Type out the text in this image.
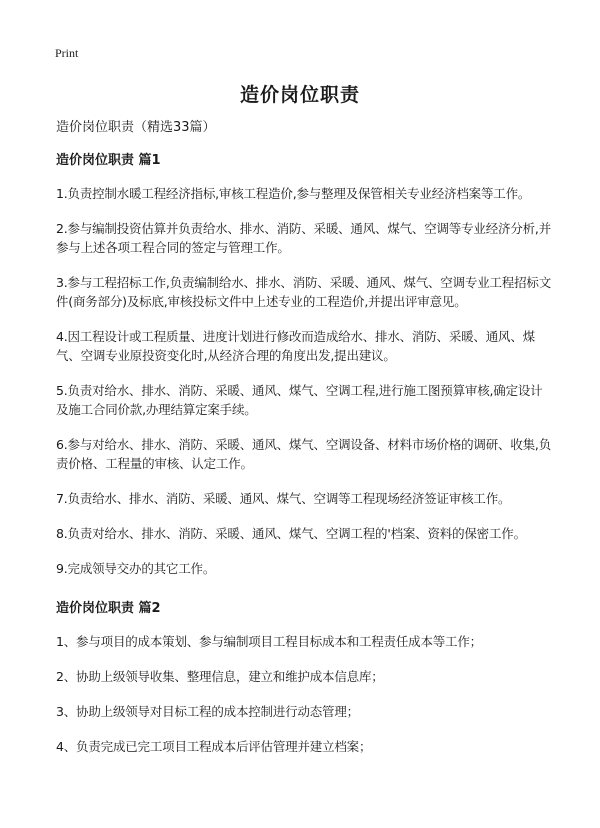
Print
造价岗位职责
造价岗位职责（精选33篇）
造价岗位职责 篇1

1.负责控制水暖工程经济指标,审核工程造价,参与整理及保管相关专业经济档案等工作。

2.参与编制投资估算并负责给水、排水、消防、采暖、通风、煤气、空调等专业经济分析,并参与上述各项工程合同的签定与管理工作。

3.参与工程招标工作,负责编制给水、排水、消防、采暖、通风、煤气、空调专业工程招标文件(商务部分)及标底,审核投标文件中上述专业的工程造价,并提出评审意见。

4.因工程设计或工程质量、进度计划进行修改而造成给水、排水、消防、采暖、通风、煤气、空调专业原投资变化时,从经济合理的角度出发,提出建议。

5.负责对给水、排水、消防、采暖、通风、煤气、空调工程,进行施工图预算审核,确定设计及施工合同价款,办理结算定案手续。

6.参与对给水、排水、消防、采暖、通风、煤气、空调设备、材料市场价格的调研、收集,负责价格、工程量的审核、认定工作。

7.负责给水、排水、消防、采暖、通风、煤气、空调等工程现场经济签证审核工作。

8.负责对给水、排水、消防、采暖、通风、煤气、空调工程的'档案、资料的保密工作。

9.完成领导交办的其它工作。

造价岗位职责 篇2

1、参与项目的成本策划、参与编制项目工程目标成本和工程责任成本等工作；

2、协助上级领导收集、整理信息，建立和维护成本信息库；

3、协助上级领导对目标工程的成本控制进行动态管理；

4、负责完成已完工项目工程成本后评估管理并建立档案；
